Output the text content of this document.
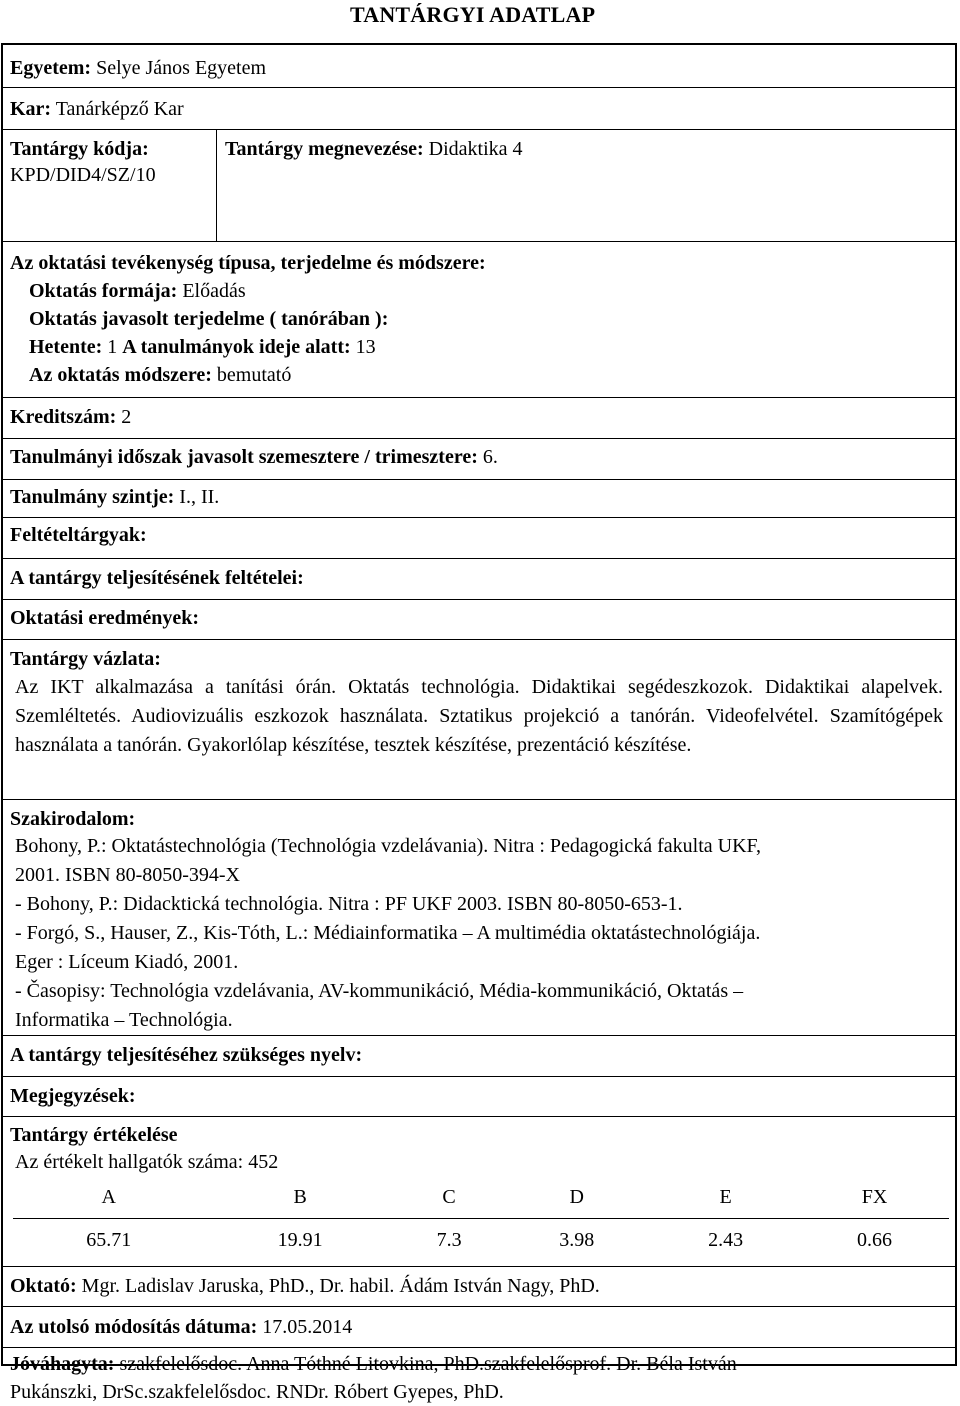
TANTÁRGYI ADATLAP
Egyetem: Selye János Egyetem
Kar: Tanárképző Kar
Tantárgy kódja:
KPD/DID4/SZ/10
Tantárgy megnevezése: Didaktika 4
Az oktatási tevékenység típusa, terjedelme és módszere:
Oktatás formája: Előadás
Oktatás javasolt terjedelme ( tanórában ):
Hetente: 1 A tanulmányok ideje alatt: 13
Az oktatás módszere: bemutató
Kreditszám: 2
Tanulmányi időszak javasolt szemesztere / trimesztere: 6.
Tanulmány szintje: I., II.
Feltételtárgyak:
A tantárgy teljesítésének feltételei:
Oktatási eredmények:
Tantárgy vázlata:
Az IKT alkalmazása a tanítási órán. Oktatás technológia. Didaktikai segédeszkozok. Didaktikai alapelvek. Szemléltetés. Audiovizuális eszkozok használata. Sztatikus projekció a tanórán. Videofelvétel. Szamítógépek használata a tanórán. Gyakorlólap készítése, tesztek készítése, prezentáció készítése.
Szakirodalom:
Bohony, P.: Oktatástechnológia (Technológia vzdelávania). Nitra : Pedagogická fakulta UKF,
2001. ISBN 80-8050-394-X
- Bohony, P.: Didacktická technológia. Nitra : PF UKF 2003. ISBN 80-8050-653-1.
- Forgó, S., Hauser, Z., Kis-Tóth, L.: Médiainformatika – A multimédia oktatástechnológiája.
Eger : Líceum Kiadó, 2001.
- Časopisy: Technológia vzdelávania, AV-kommunikáció, Média-kommunikáció, Oktatás –
Informatika – Technológia.
A tantárgy teljesítéséhez szükséges nyelv:
Megjegyzések:
Tantárgy értékelése
Az értékelt hallgatók száma: 452
A	B	C	D	E	FX
65.71	19.91	7.3	3.98	2.43	0.66
Oktató: Mgr. Ladislav Jaruska, PhD., Dr. habil. Ádám István Nagy, PhD.
Az utolsó módosítás dátuma: 17.05.2014
Jóváhagyta: szakfelelősdoc. Anna Tóthné Litovkina, PhD.szakfelelősprof. Dr. Béla István
Pukánszki, DrSc.szakfelelősdoc. RNDr. Róbert Gyepes, PhD.
